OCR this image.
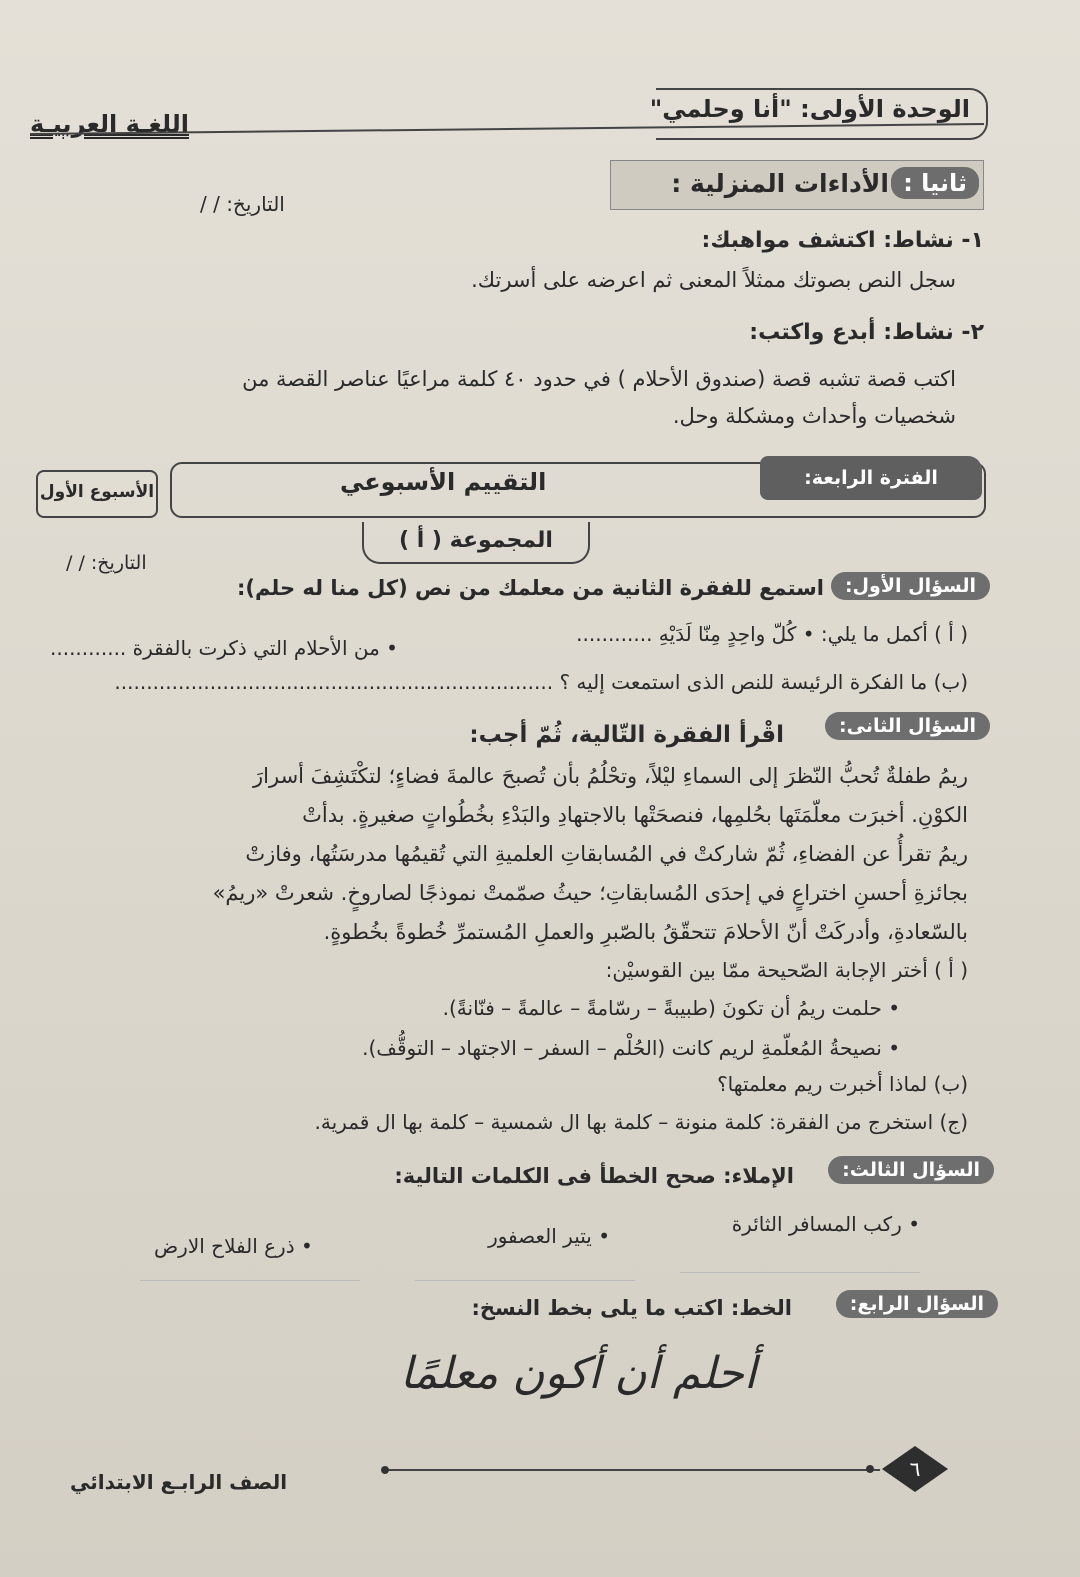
الوحدة الأولى: "أنا وحلمي"
اللغـة العربيـة
ثانيا :
الأداءات المنزلية :
التاريخ: / /
١- نشاط: اكتشف مواهبك:
سجل النص بصوتك ممثلاً المعنى ثم اعرضه على أسرتك.
٢- نشاط: أبدع واكتب:
اكتب قصة تشبه قصة (صندوق الأحلام ) في حدود ٤٠ كلمة مراعيًا عناصر القصة من
شخصيات وأحداث ومشكلة وحل.
الفترة الرابعة:
التقييم الأسبوعي
الأسبوع الأول
المجموعة ( أ )
التاريخ: / /
السؤال الأول:
استمع للفقرة الثانية من معلمك من نص (كل منا له حلم):
( أ ) أكمل ما يلي: • كُلّ واحِدٍ مِنّا لَدَيْهِ ............
• من الأحلام التي ذكرت بالفقرة ............
(ب) ما الفكرة الرئيسة للنص الذى استمعت إليه ؟ .....................................................................
السؤال الثانى:
اقْرأ الفقرة التّالية، ثُمّ أجب:
ريمُ طفلةٌ تُحبُّ النّظرَ إلى السماءِ ليْلاً، وتحْلُمُ بأن تُصبحَ عالمةَ فضاءٍ؛ لتكْتَشِفَ أسرارَ
الكوْنِ. أخبرَت معلّمَتَها بحُلمِها، فنصحَتْها بالاجتهادِ والبَدْءِ بخُطُواتٍ صغيرةٍ. بدأتْ
ريمُ تقرأُ عن الفضاءِ، ثُمّ شاركتْ في المُسابقاتِ العلميةِ التي تُقيمُها مدرسَتُها، وفازتْ
بجائزةِ أحسنِ اختراعٍ في إحدَى المُسابقاتِ؛ حيثُ صمّمتْ نموذجًا لصاروخٍ. شعرتْ «ريمُ»
بالسّعادةِ، وأدركَتْ أنّ الأحلامَ تتحقّقُ بالصّبرِ والعملِ المُستمرِّ خُطوةً بخُطوةٍ.
( أ ) أختر الإجابة الصّحيحة ممّا بين القوسيْن:
• حلمت ريمُ أن تكونَ (طبيبةً – رسّامةً – عالمةً – فنّانةً).
• نصيحةُ المُعلّمةِ لريم كانت (الحُلْم – السفر – الاجتهاد – التوقُّف).
(ب) لماذا أخبرت ريم معلمتها؟
(ج) استخرج من الفقرة: كلمة منونة – كلمة بها ال شمسية – كلمة بها ال قمرية.
السؤال الثالث:
الإملاء: صحح الخطأ فى الكلمات التالية:
• ركب المسافر الثائرة
• يتير العصفور
• ذرع الفلاح الارض
السؤال الرابع:
الخط: اكتب ما يلى بخط النسخ:
أحلم أن أكون معلمًا
٦
الصف الرابـع الابتدائي
